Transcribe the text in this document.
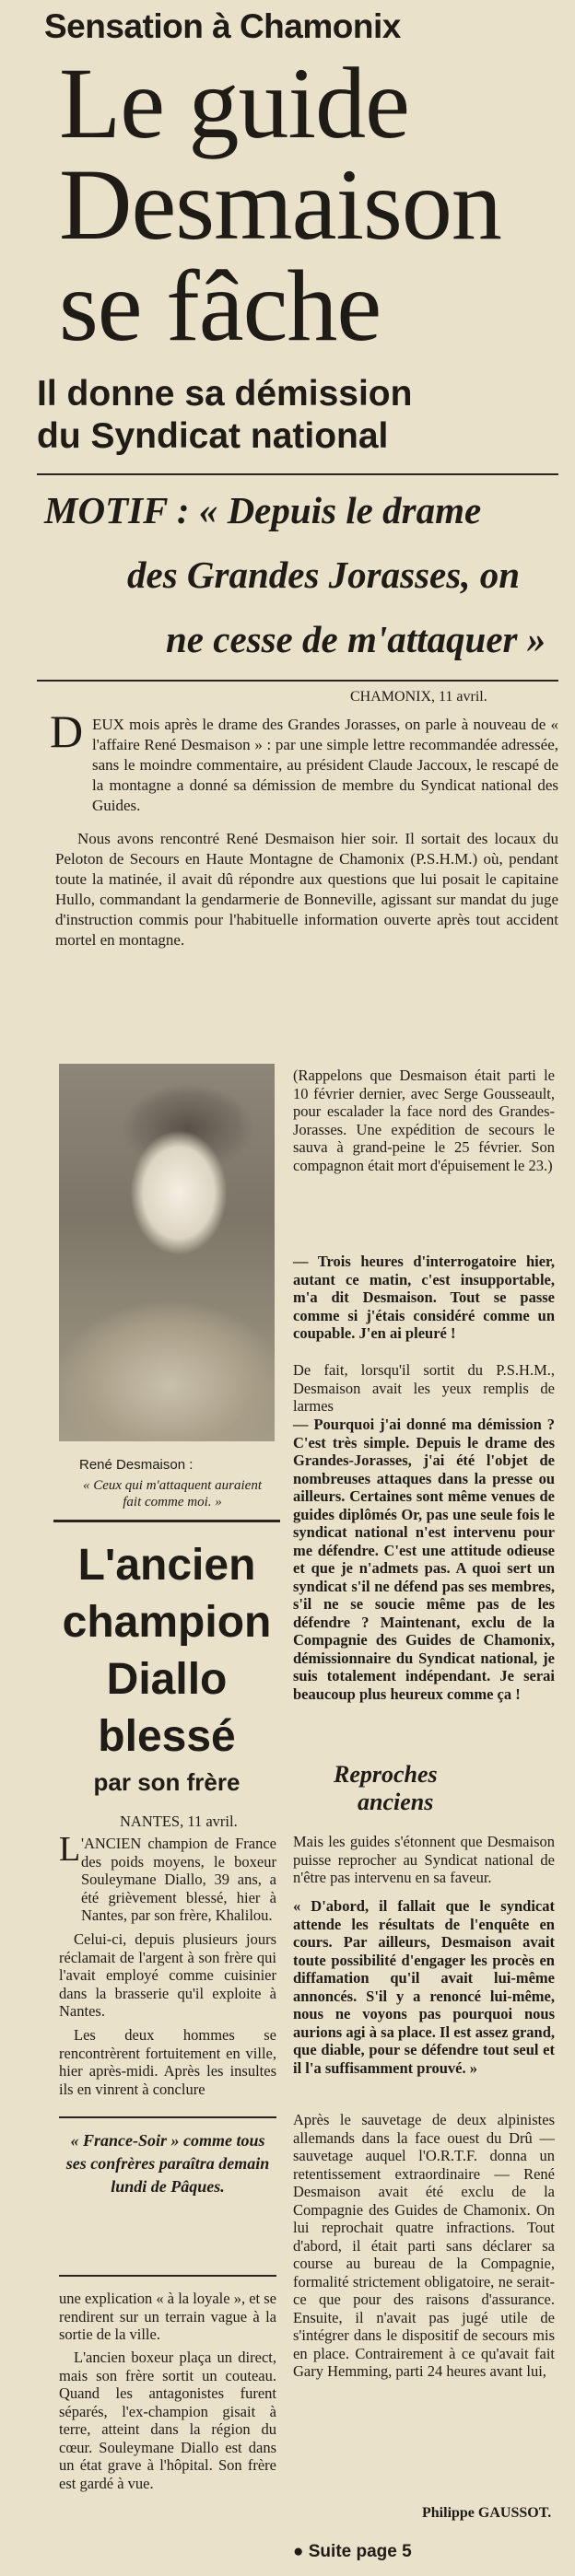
Sensation à Chamonix
Le guide
Desmaison
se fâche
Il donne sa démission
du Syndicat national
MOTIF : « Depuis le drame
des Grandes Jorasses, on
ne cesse de m'attaquer »
CHAMONIX, 11 avril.
D EUX mois après le drame des Grandes Jorasses, on parle à nouveau de « l'affaire René Desmaison » : par une simple lettre recommandée adressée, sans le moindre commentaire, au président Claude Jaccoux, le rescapé de la montagne a donné sa démission de membre du Syndicat national des Guides.
Nous avons rencontré René Desmaison hier soir. Il sortait des locaux du Peloton de Secours en Haute Montagne de Chamonix (P.S.H.M.) où, pendant toute la matinée, il avait dû répondre aux questions que lui posait le capitaine Hullo, commandant la gendarmerie de Bonneville, agissant sur mandat du juge d'instruction commis pour l'habituelle information ouverte après tout accident mortel en montagne.
René Desmaison :
« Ceux qui m'attaquent auraient fait comme moi. »
(Rappelons que Desmaison était parti le 10 février dernier, avec Serge Gousseault, pour escalader la face nord des Grandes-Jorasses. Une expédition de secours le sauva à grand-peine le 25 février. Son compagnon était mort d'épuisement le 23.)
— Trois heures d'interrogatoire hier, autant ce matin, c'est insupportable, m'a dit Desmaison. Tout se passe comme si j'étais considéré comme un coupable. J'en ai pleuré !
De fait, lorsqu'il sortit du P.S.H.M., Desmaison avait les yeux remplis de larmes
— Pourquoi j'ai donné ma démission ? C'est très simple. Depuis le drame des Grandes-Jorasses, j'ai été l'objet de nombreuses attaques dans la presse ou ailleurs. Certaines sont même venues de guides diplômés Or, pas une seule fois le syndicat national n'est intervenu pour me défendre. C'est une attitude odieuse et que je n'admets pas. A quoi sert un syndicat s'il ne défend pas ses membres, s'il ne se soucie même pas de les défendre ? Maintenant, exclu de la Compagnie des Guides de Chamonix, démissionnaire du Syndicat national, je suis totalement indépendant. Je serai beaucoup plus heureux comme ça !
Reproches
anciens
Mais les guides s'étonnent que Desmaison puisse reprocher au Syndicat national de n'être pas intervenu en sa faveur.
« D'abord, il fallait que le syndicat attende les résultats de l'enquête en cours. Par ailleurs, Desmaison avait toute possibilité d'engager les procès en diffamation qu'il avait lui-même annoncés. S'il y a renoncé lui-même, nous ne voyons pas pourquoi nous aurions agi à sa place. Il est assez grand, que diable, pour se défendre tout seul et il l'a suffisamment prouvé. »
Après le sauvetage de deux alpinistes allemands dans la face ouest du Drû — sauvetage auquel l'O.R.T.F. donna un retentissement extraordinaire — René Desmaison avait été exclu de la Compagnie des Guides de Chamonix. On lui reprochait quatre infractions. Tout d'abord, il était parti sans déclarer sa course au bureau de la Compagnie, formalité strictement obligatoire, ne serait-ce que pour des raisons d'assurance. Ensuite, il n'avait pas jugé utile de s'intégrer dans le dispositif de secours mis en place. Contrairement à ce qu'avait fait Gary Hemming, parti 24 heures avant lui,
Philippe GAUSSOT.
● Suite page 5
L'ancien
champion
Diallo
blessé
par son frère
NANTES, 11 avril.
L 'ANCIEN champion de France des poids moyens, le boxeur Souleymane Diallo, 39 ans, a été grièvement blessé, hier à Nantes, par son frère, Khalilou.
Celui-ci, depuis plusieurs jours réclamait de l'argent à son frère qui l'avait employé comme cuisinier dans la brasserie qu'il exploite à Nantes.
Les deux hommes se rencontrèrent fortuitement en ville, hier après-midi. Après les insultes ils en vinrent à conclure
« France-Soir » comme tous ses confrères paraîtra demain lundi de Pâques.
une explication « à la loyale », et se rendirent sur un terrain vague à la sortie de la ville.
L'ancien boxeur plaça un direct, mais son frère sortit un couteau. Quand les antagonistes furent séparés, l'ex-champion gisait à terre, atteint dans la région du cœur. Souleymane Diallo est dans un état grave à l'hôpital. Son frère est gardé à vue.
